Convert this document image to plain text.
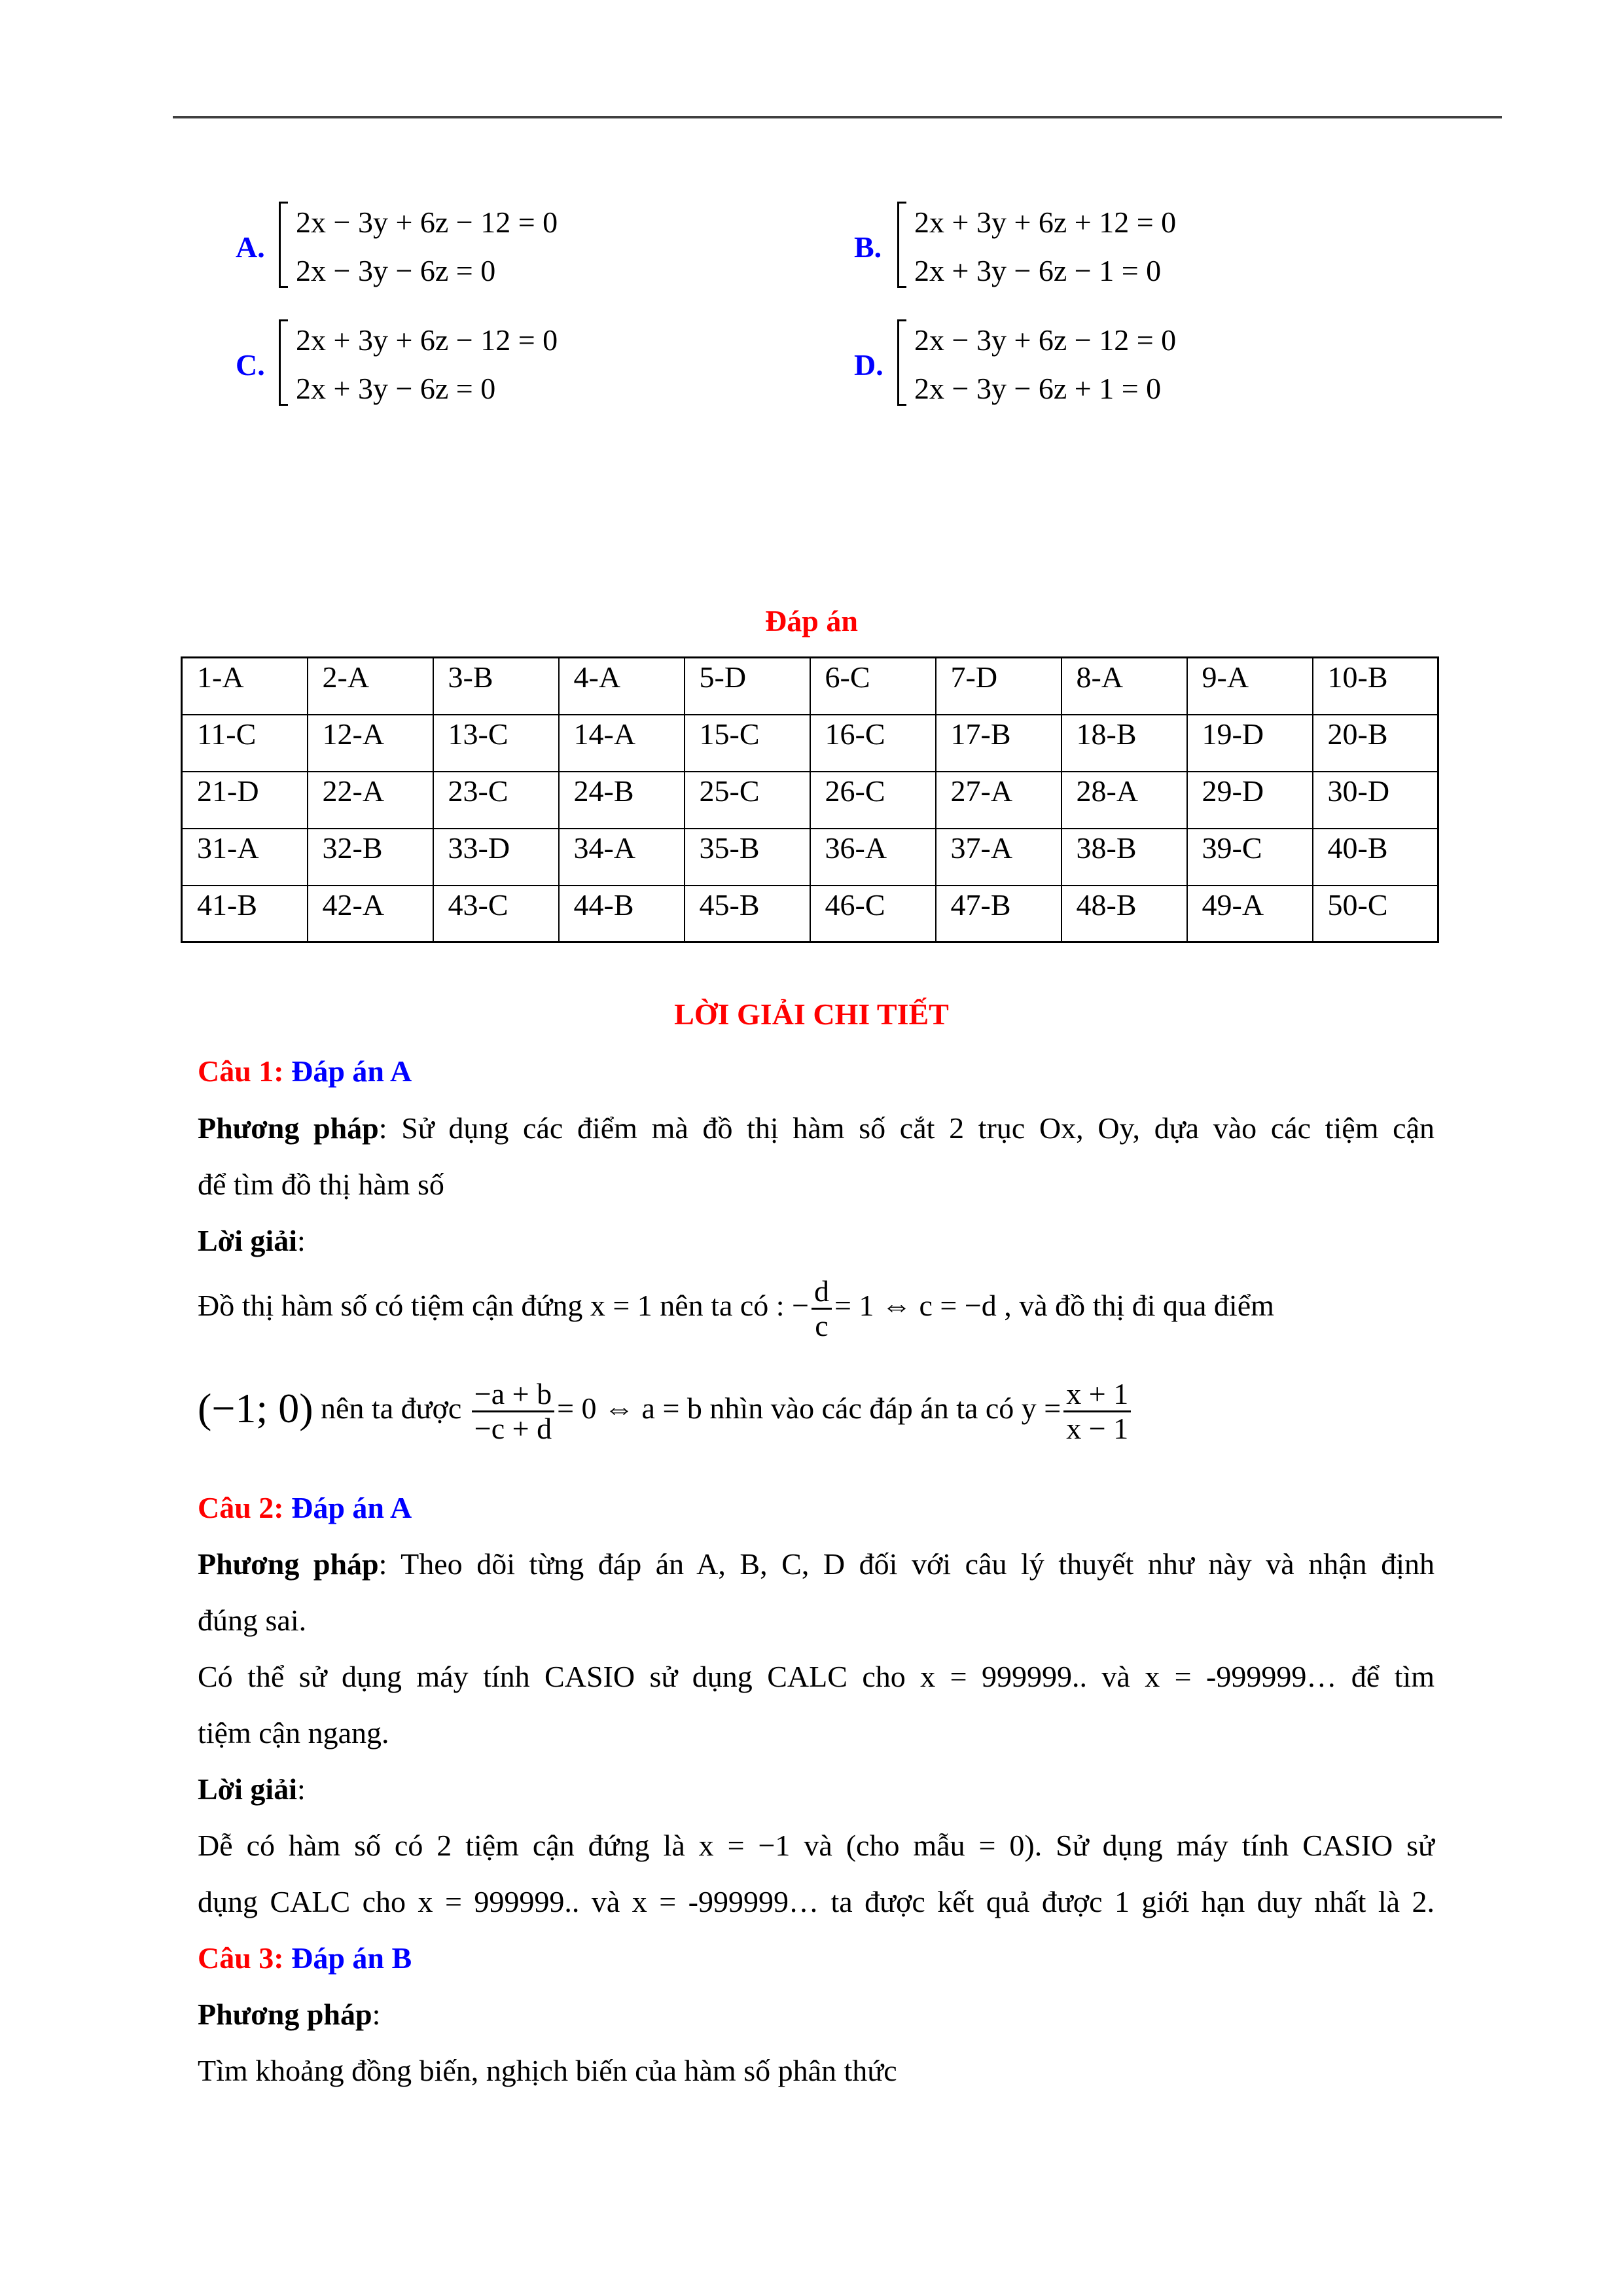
A.
2x − 3y + 6z − 12 = 0
2x − 3y − 6z = 0
B.
2x + 3y + 6z + 12 = 0
2x + 3y − 6z − 1 = 0
C.
2x + 3y + 6z − 12 = 0
2x + 3y − 6z = 0
D.
2x − 3y + 6z − 12 = 0
2x − 3y − 6z + 1 = 0
Đáp án
1-A	2-A	3-B	4-A	5-D	6-C	7-D	8-A	9-A	10-B
11-C	12-A	13-C	14-A	15-C	16-C	17-B	18-B	19-D	20-B
21-D	22-A	23-C	24-B	25-C	26-C	27-A	28-A	29-D	30-D
31-A	32-B	33-D	34-A	35-B	36-A	37-A	38-B	39-C	40-B
41-B	42-A	43-C	44-B	45-B	46-C	47-B	48-B	49-A	50-C
LỜI GIẢI CHI TIẾT
Câu 1: Đáp án A
Phương pháp: Sử dụng các điểm mà đồ thị hàm số cắt 2 trục Ox, Oy, dựa vào các tiệm cận
để tìm đồ thị hàm số
Lời giải:
Đồ thị hàm số có tiệm cận đứng x = 1 nên ta có : − $\frac{d}{c} = 1$ ⇔ c = −d , và đồ thị đi qua điểm
(−1; 0) nên ta được $\frac{-a + b}{-c + d} = 0$ ⇔ a = b nhìn vào các đáp án ta có $y = \frac{x + 1}{x - 1}$
Câu 2: Đáp án A
Phương pháp: Theo dõi từng đáp án A, B, C, D đối với câu lý thuyết như này và nhận định
đúng sai.
Có thể sử dụng máy tính CASIO sử dụng CALC cho x = 999999.. và x = -999999… để tìm
tiệm cận ngang.
Lời giải:
Dễ có hàm số có 2 tiệm cận đứng là x = −1 và (cho mẫu = 0). Sử dụng máy tính CASIO sử
dụng CALC cho x = 999999.. và x = -999999… ta được kết quả được 1 giới hạn duy nhất là 2.
Câu 3: Đáp án B
Phương pháp:
Tìm khoảng đồng biến, nghịch biến của hàm số phân thức
